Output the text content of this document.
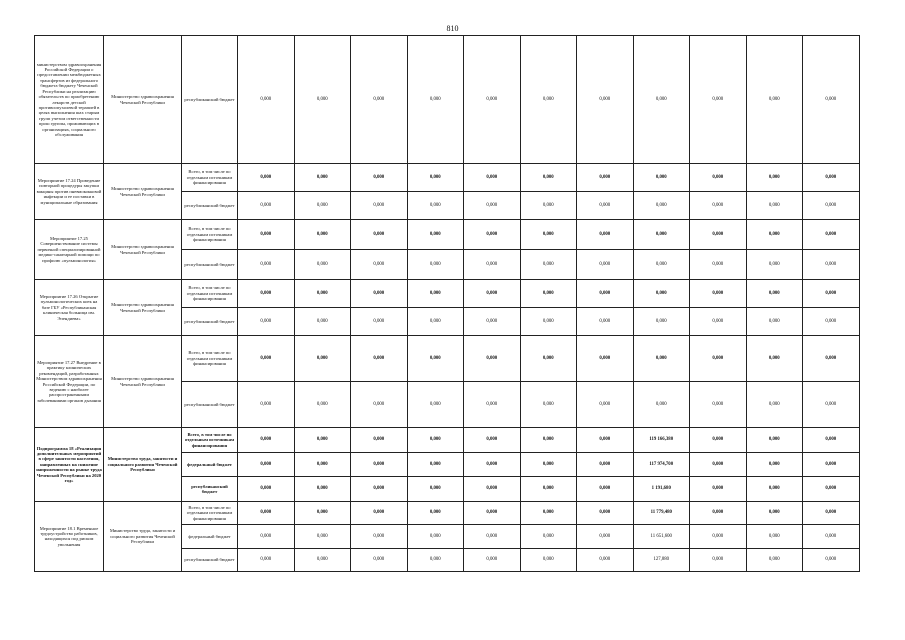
810
министерством здравоохранения Российской Федерации о предоставлении межбюджетных трансфертов из федерального бюджета бюджету Чеченской Республики на реализацию обязательств по приобретению лекарств детской противоопухолевой терапией в целях выполнения шах старым групп учетом ответственности прош группы, проживающих в организациях, социального обслуживания	Министерство здравоохранения Чеченской Республики	республиканский бюджет	0,000	0,000	0,000	0,000	0,000	0,000	0,000	0,000	0,000	0,000	0,000
Мероприятие 17.24 Проведение повторной процедуры закупки вакцины против пневмококковой инфекции и ее поставки в муниципальные образования	Министерство здравоохранения Чеченской Республики	Всего, в том числе по отдельным источникам финансирования	0,000	0,000	0,000	0,000	0,000	0,000	0,000	0,000	0,000	0,000	0,000
		республиканский бюджет	0,000	0,000	0,000	0,000	0,000	0,000	0,000	0,000	0,000	0,000	0,000
Мероприятие 17.25 Совершенствование системы первичной специализированной медико-санитарной помощи по профилю «пульмонология»	Министерство здравоохранения Чеченской Республики	Всего, в том числе по отдельным источникам финансирования	0,000	0,000	0,000	0,000	0,000	0,000	0,000	0,000	0,000	0,000	0,000
		республиканский бюджет	0,000	0,000	0,000	0,000	0,000	0,000	0,000	0,000	0,000	0,000	0,000
Мероприятие 17.26 Открытие пульмонологических коек на базе ГБУ «Республиканская клиническая больница им. Эпендиева»	Министерство здравоохранения Чеченской Республики	Всего, в том числе по отдельным источникам финансирования	0,000	0,000	0,000	0,000	0,000	0,000	0,000	0,000	0,000	0,000	0,000
		республиканский бюджет	0,000	0,000	0,000	0,000	0,000	0,000	0,000	0,000	0,000	0,000	0,000
Мероприятие 17.27 Внедрение в практику клинических рекомендаций, разработанных Министерством здравоохранения Российской Федерации, по ведению с наиболее распространенными заболеваниями органов дыхания	Министерство здравоохранения Чеченской Республики	Всего, в том числе по отдельным источникам финансирования	0,000	0,000	0,000	0,000	0,000	0,000	0,000	0,000	0,000	0,000	0,000
		республиканский бюджет	0,000	0,000	0,000	0,000	0,000	0,000	0,000	0,000	0,000	0,000	0,000
Подпрограмма 18 «Реализация дополнительных мероприятий в сфере занятости населения, направленных на снижение напряженности на рынке труда Чеченской Республики на 2020 год»	Министерство труда, занятости и социального развития Чеченской Республики	Всего, в том числе по отдельным источникам финансирования	0,000	0,000	0,000	0,000	0,000	0,000	0,000	119 166,380	0,000	0,000	0,000
		федеральный бюджет	0,000	0,000	0,000	0,000	0,000	0,000	0,000	117 974,700	0,000	0,000	0,000
		республиканский бюджет	0,000	0,000	0,000	0,000	0,000	0,000	0,000	1 191,680	0,000	0,000	0,000
Мероприятие 18.1 Временное трудоустройство работников, находящихся под риском увольнения	Министерство труда, занятости и социального развития Чеченской Республики	Всего, в том числе по отдельным источникам финансирования	0,000	0,000	0,000	0,000	0,000	0,000	0,000	11 779,480	0,000	0,000	0,000
		федеральный бюджет	0,000	0,000	0,000	0,000	0,000	0,000	0,000	11 651,600	0,000	0,000	0,000
		республиканский бюджет	0,000	0,000	0,000	0,000	0,000	0,000	0,000	127,880	0,000	0,000	0,000
